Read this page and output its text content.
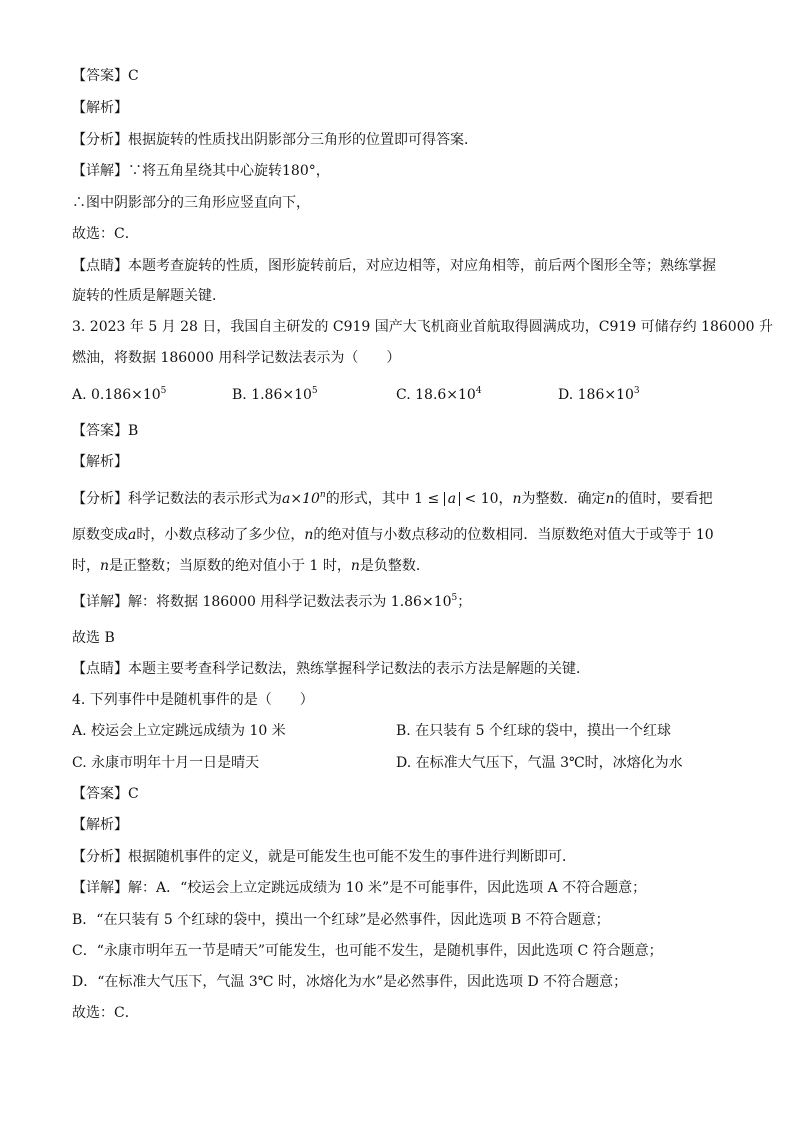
【答案】C
【解析】
【分析】根据旋转的性质找出阴影部分三角形的位置即可得答案．
【详解】∵将五角星绕其中心旋转180°，
∴图中阴影部分的三角形应竖直向下，
故选：C．
【点睛】本题考查旋转的性质，图形旋转前后，对应边相等，对应角相等，前后两个图形全等；熟练掌握
旋转的性质是解题关键．
3. 2023 年 5 月 28 日，我国自主研发的 C919 国产大飞机商业首航取得圆满成功，C919 可储存约 186000 升
燃油，将数据 186000 用科学记数法表示为（　　）
A. $0.186\times 10^5$	B. $1.86\times 10^5$	C. $18.6\times 10^4$	D. $186\times 10^3$
【答案】B
【解析】
【分析】科学记数法的表示形式为$a\times 10^n$的形式，其中 1 ≤ a < 10，n为整数．确定n的值时，要看把
原数变成a时，小数点移动了多少位，n的绝对值与小数点移动的位数相同．当原数绝对值大于或等于 10
时，n是正整数；当原数的绝对值小于 1 时，n是负整数．
【详解】解：将数据 186000 用科学记数法表示为 $1.86\times 10^5$；
故选 B
【点睛】本题主要考查科学记数法，熟练掌握科学记数法的表示方法是解题的关键．
4. 下列事件中是随机事件的是（　　）
A. 校运会上立定跳远成绩为 10 米	B. 在只装有 5 个红球的袋中，摸出一个红球
C. 永康市明年十月一日是晴天	D. 在标准大气压下，气温 3℃时，冰熔化为水
【答案】C
【解析】
【分析】根据随机事件的定义，就是可能发生也可能不发生的事件进行判断即可．
【详解】解：A．“校运会上立定跳远成绩为 10 米”是不可能事件，因此选项 A 不符合题意；
B．“在只装有 5 个红球的袋中，摸出一个红球”是必然事件，因此选项 B 不符合题意；
C．“永康市明年五一节是晴天”可能发生，也可能不发生，是随机事件，因此选项 C 符合题意；
D．“在标准大气压下，气温 3℃ 时，冰熔化为水”是必然事件，因此选项 D 不符合题意；
故选：C．
